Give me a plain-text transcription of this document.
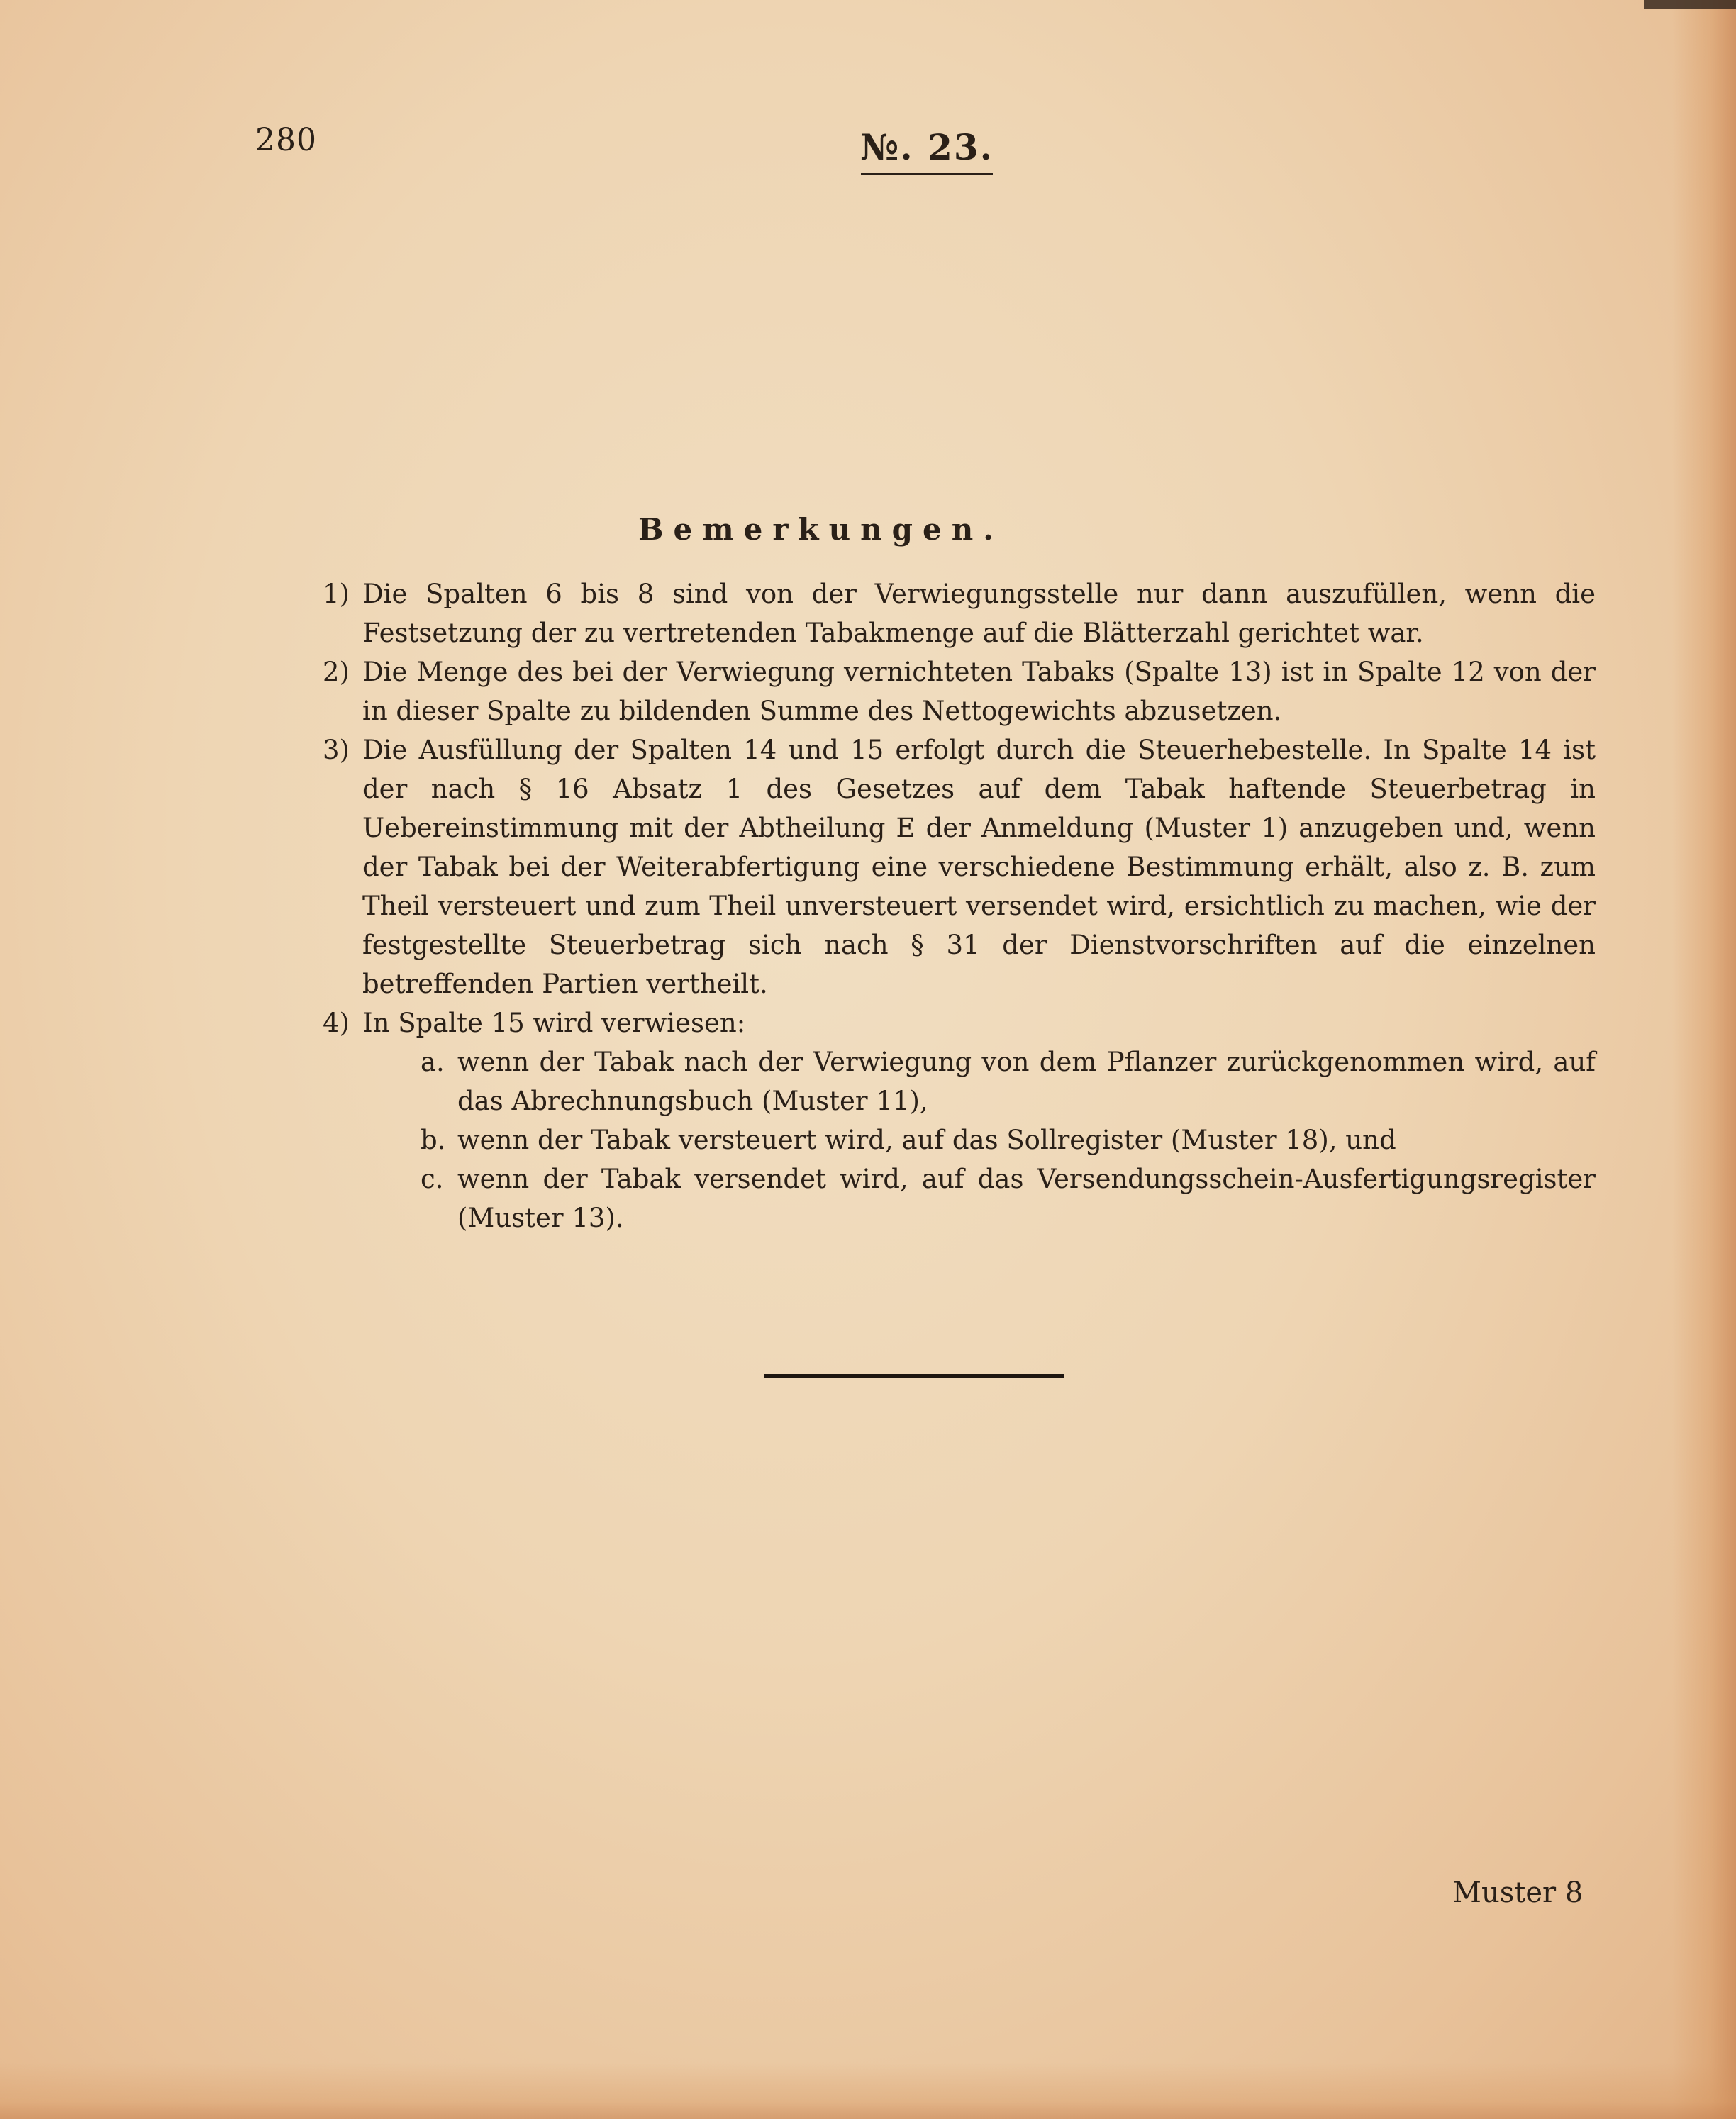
280	№. 23.
Bemerkungen.
1) Die Spalten 6 bis 8 sind von der Verwiegungsstelle nur dann auszufüllen, wenn die Festsetzung der zu vertretenden Tabakmenge auf die Blätterzahl gerichtet war.
2) Die Menge des bei der Verwiegung vernichteten Tabaks (Spalte 13) ist in Spalte 12 von der in dieser Spalte zu bildenden Summe des Nettogewichts abzusetzen.
3) Die Ausfüllung der Spalten 14 und 15 erfolgt durch die Steuerhebestelle. In Spalte 14 ist der nach § 16 Absatz 1 des Gesetzes auf dem Tabak haftende Steuerbetrag in Uebereinstimmung mit der Abtheilung E der Anmeldung (Muster 1) anzugeben und, wenn der Tabak bei der Weiterabfertigung eine verschiedene Bestimmung erhält, also z. B. zum Theil versteuert und zum Theil unversteuert versendet wird, ersichtlich zu machen, wie der festgestellte Steuerbetrag sich nach § 31 der Dienstvorschriften auf die einzelnen betreffenden Partien vertheilt.
4) In Spalte 15 wird verwiesen:
a. wenn der Tabak nach der Verwiegung von dem Pflanzer zurückgenommen wird, auf das Abrechnungsbuch (Muster 11),
b. wenn der Tabak versteuert wird, auf das Sollregister (Muster 18), und
c. wenn der Tabak versendet wird, auf das Versendungsschein-Ausfertigungsregister (Muster 13).
Muster 8
